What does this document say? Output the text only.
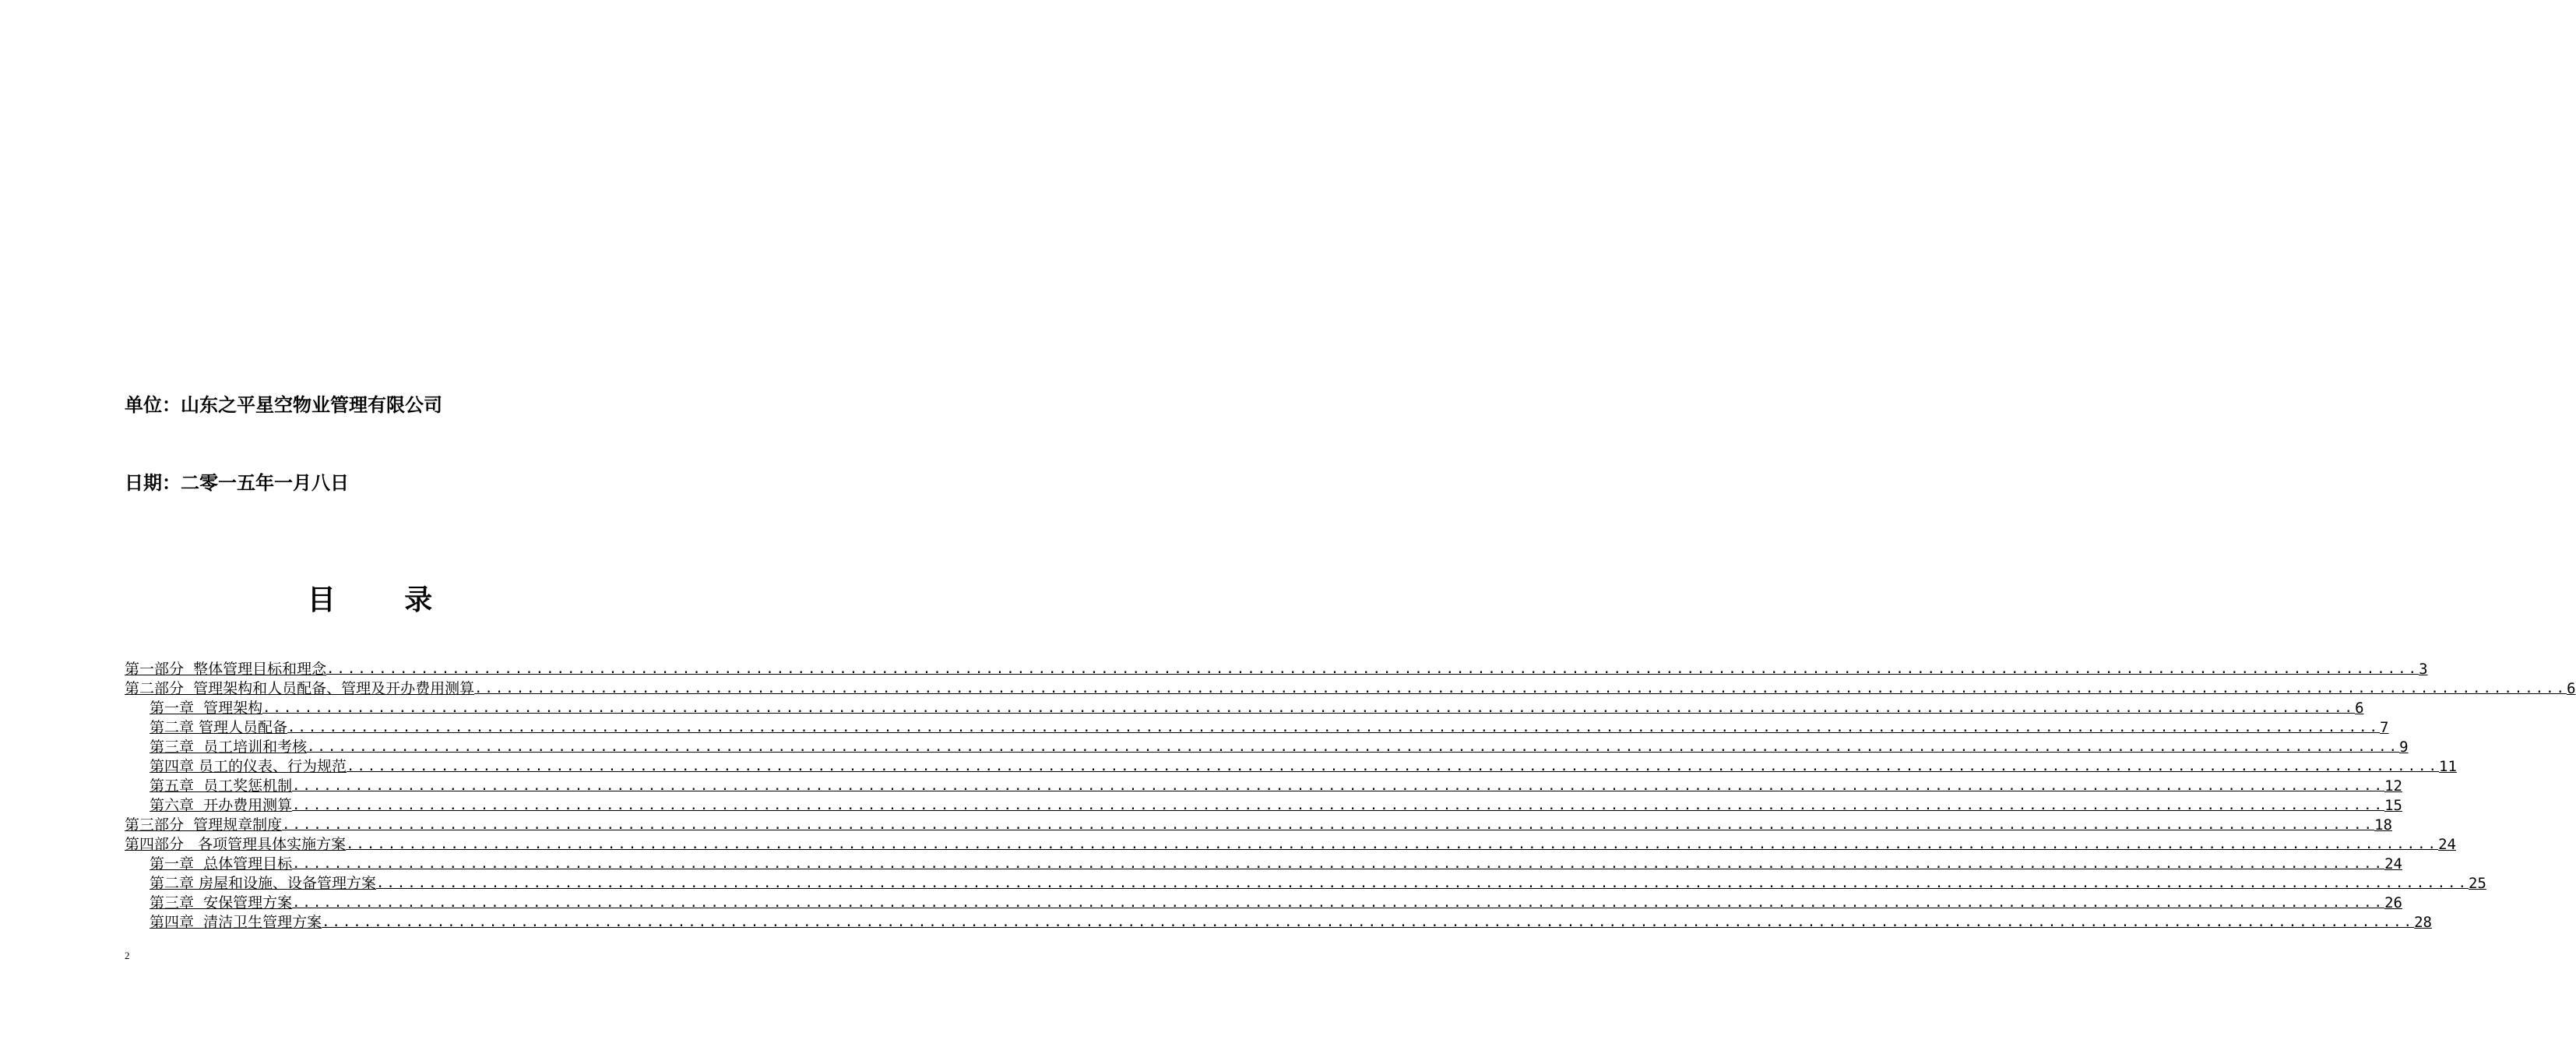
单位：山东之平星空物业管理有限公司
日期：二零一五年一月八日
目 录
第一部分  整体管理目标和理念 ........................................................................................................................................................................................................ 3
第二部分  管理架构和人员配备、管理及开办费用测算 ........................................................................................................................................................................................................ 6
第一章  管理架构 ........................................................................................................................................................................................................ 6
第二章 管理人员配备 ........................................................................................................................................................................................................ 7
第三章  员工培训和考核 ........................................................................................................................................................................................................ 9
第四章 员工的仪表、行为规范 ........................................................................................................................................................................................................ 11
第五章  员工奖惩机制 ........................................................................................................................................................................................................ 12
第六章  开办费用测算 ........................................................................................................................................................................................................ 15
第三部分  管理规章制度 ........................................................................................................................................................................................................ 18
第四部分   各项管理具体实施方案 ........................................................................................................................................................................................................ 24
第一章  总体管理目标 ........................................................................................................................................................................................................ 24
第二章 房屋和设施、设备管理方案 ........................................................................................................................................................................................................ 25
第三章  安保管理方案 ........................................................................................................................................................................................................ 26
第四章  清洁卫生管理方案 ........................................................................................................................................................................................................ 28
2
